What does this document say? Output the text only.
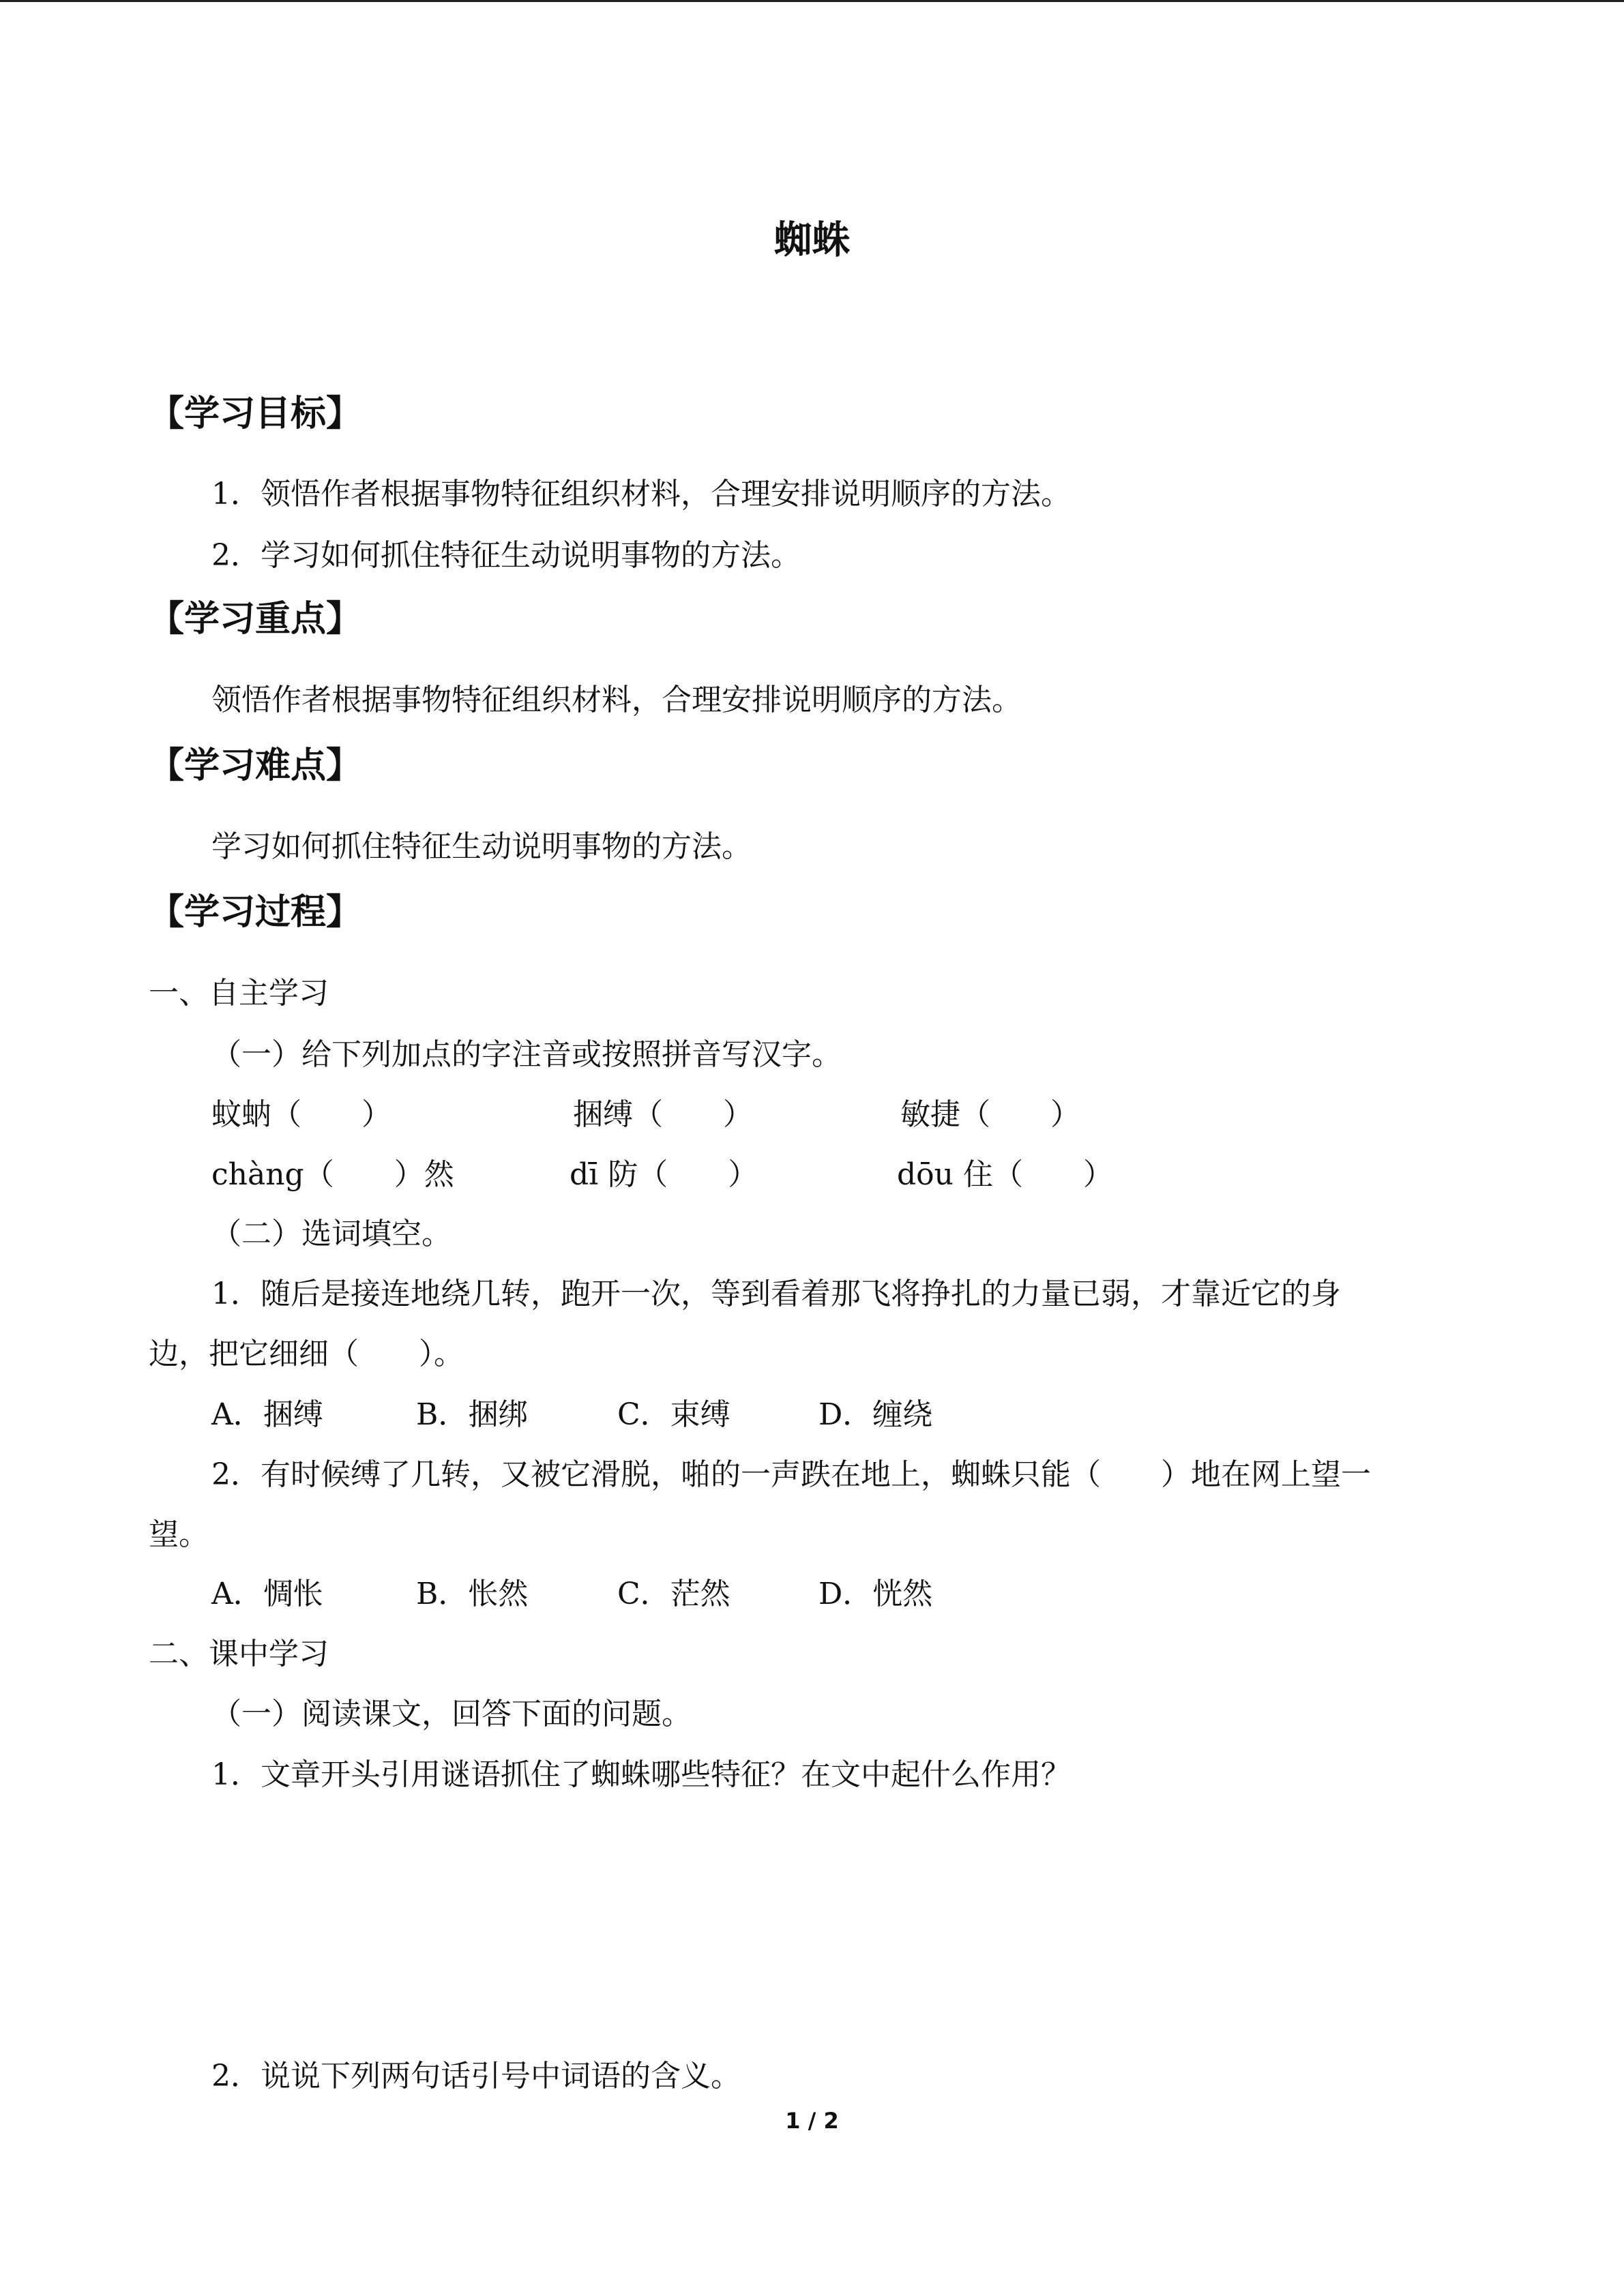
蜘蛛
【学习目标】
1．领悟作者根据事物特征组织材料，合理安排说明顺序的方法。
2．学习如何抓住特征生动说明事物的方法。
【学习重点】
领悟作者根据事物特征组织材料，合理安排说明顺序的方法。
【学习难点】
学习如何抓住特征生动说明事物的方法。
【学习过程】
一、自主学习
（一）给下列加点的字注音或按照拼音写汉字。
蚊蚋（　　）	捆缚（　　）	敏捷（　　）
chàng（　　）然	dī 防（　　）	dōu 住（　　）
（二）选词填空。
1．随后是接连地绕几转，跑开一次，等到看着那飞将挣扎的力量已弱，才靠近它的身
边，把它细细（　　）。
A．捆缚	B．捆绑	C．束缚	D．缠绕
2．有时候缚了几转，又被它滑脱，啪的一声跌在地上，蜘蛛只能（　　）地在网上望一
望。
A．惆怅	B．怅然	C．茫然	D．恍然
二、课中学习
（一）阅读课文，回答下面的问题。
1．文章开头引用谜语抓住了蜘蛛哪些特征？在文中起什么作用？
2．说说下列两句话引号中词语的含义。
1 / 2
